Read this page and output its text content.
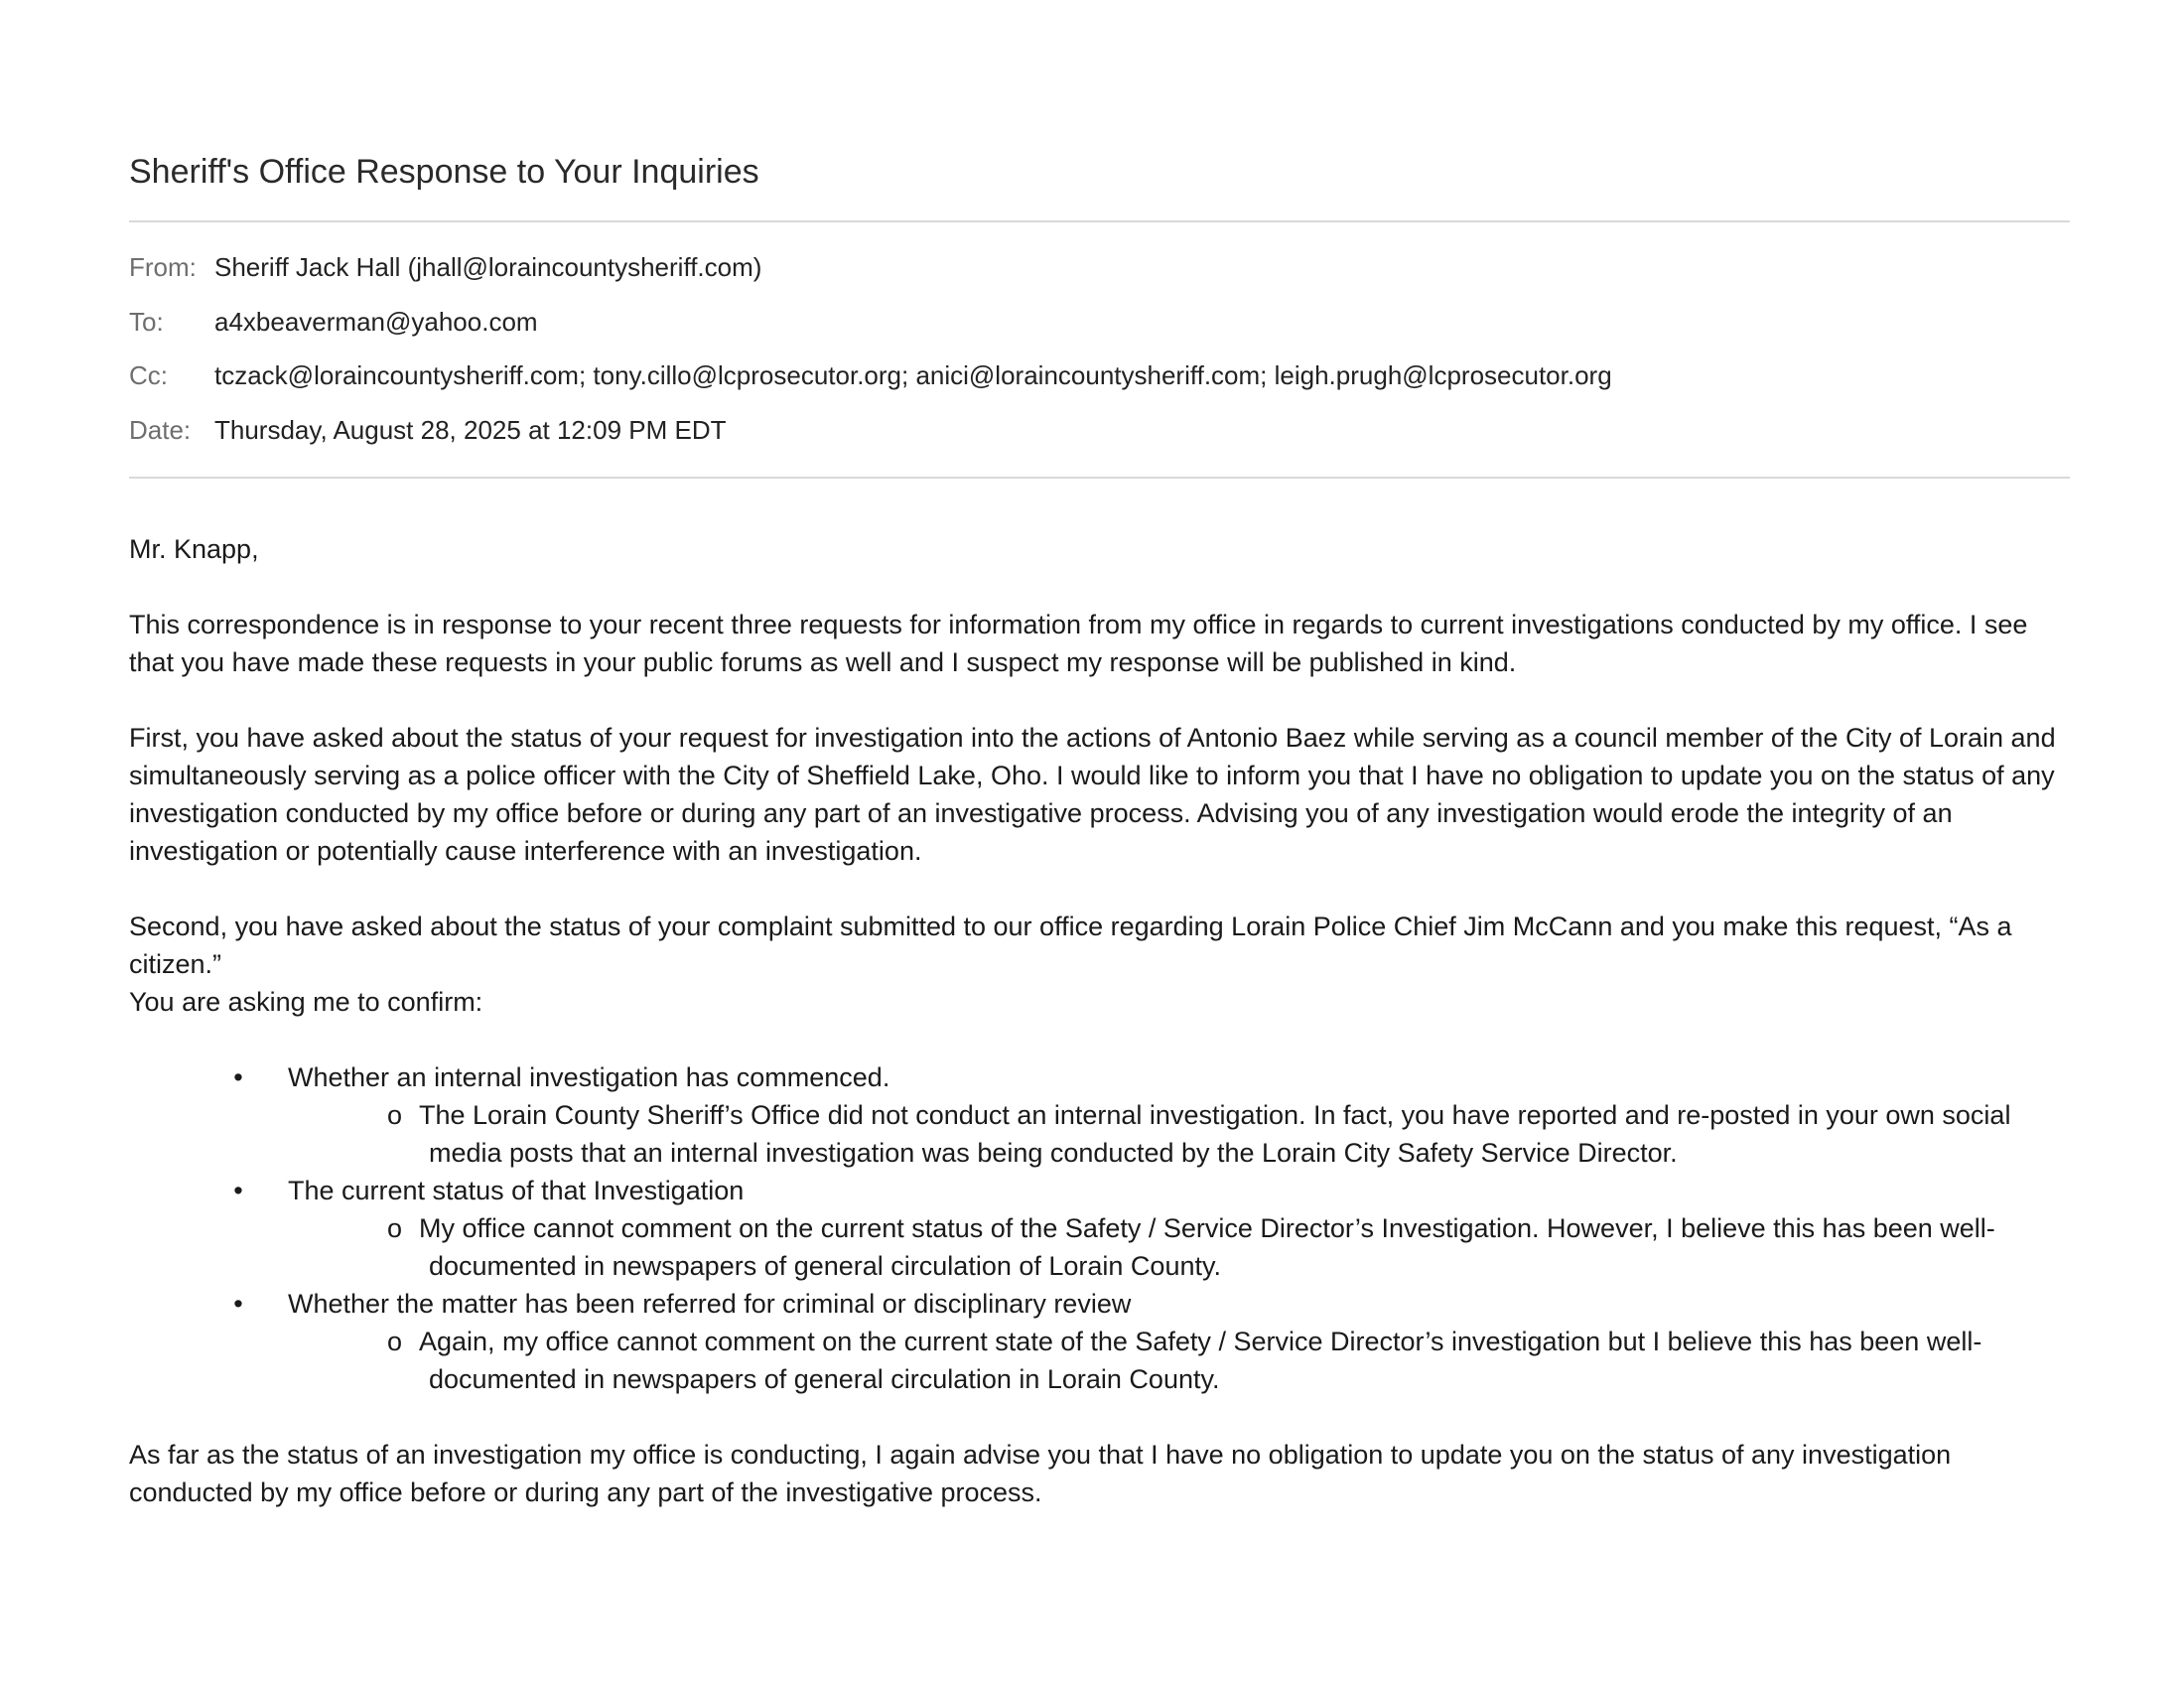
Sheriff's Office Response to Your Inquiries
From: Sheriff Jack Hall (jhall@loraincountysheriff.com)
To:	a4xbeaverman@yahoo.com
Cc:	tczack@loraincountysheriff.com; tony.cillo@lcprosecutor.org; anici@loraincountysheriff.com; leigh.prugh@lcprosecutor.org
Date: Thursday, August 28, 2025 at 12:09 PM EDT

Mr. Knapp,

This correspondence is in response to your recent three requests for information from my office in regards to current investigations conducted by my office. I see that you have made these requests in your public forums as well and I suspect my response will be published in kind.

First, you have asked about the status of your request for investigation into the actions of Antonio Baez while serving as a council member of the City of Lorain and simultaneously serving as a police officer with the City of Sheffield Lake, Oho. I would like to inform you that I have no obligation to update you on the status of any investigation conducted by my office before or during any part of an investigative process. Advising you of any investigation would erode the integrity of an investigation or potentially cause interference with an investigation.

Second, you have asked about the status of your complaint submitted to our office regarding Lorain Police Chief Jim McCann and you make this request, “As a citizen.”

You are asking me to confirm:

• Whether an internal investigation has commenced.
o The Lorain County Sheriff’s Office did not conduct an internal investigation. In fact, you have reported and re-posted in your own social media posts that an internal investigation was being conducted by the Lorain City Safety Service Director.
• The current status of that Investigation
o My office cannot comment on the current status of the Safety / Service Director’s Investigation. However, I believe this has been well-documented in newspapers of general circulation of Lorain County.
• Whether the matter has been referred for criminal or disciplinary review
o Again, my office cannot comment on the current state of the Safety / Service Director’s investigation but I believe this has been well-documented in newspapers of general circulation in Lorain County.

As far as the status of an investigation my office is conducting, I again advise you that I have no obligation to update you on the status of any investigation conducted by my office before or during any part of the investigative process.
